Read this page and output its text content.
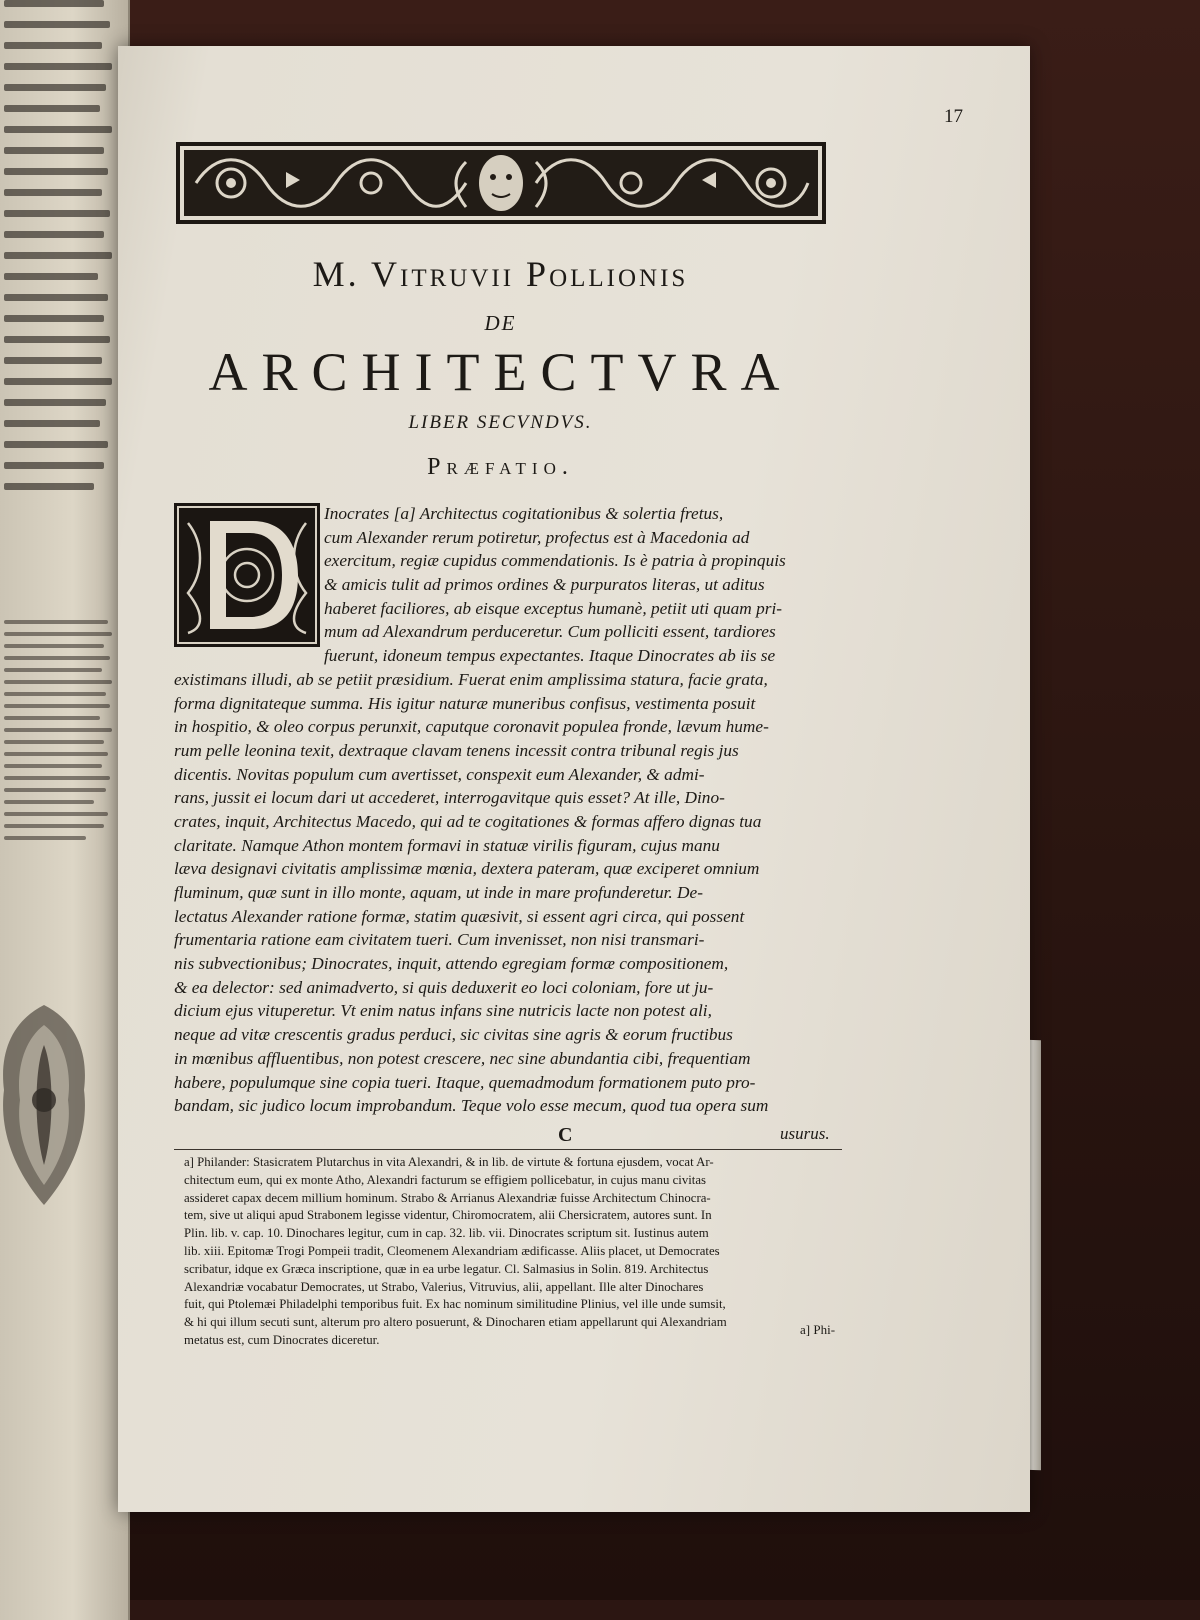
17
M. Vitruvii Pollionis
de
ARCHITECTVRA
LIBER SECVNDVS.
Præfatio.
Inocrates [a] Architectus cogitationibus & solertia fretus,
cum Alexander rerum potiretur, profectus est à Macedonia ad
exercitum, regiæ cupidus commendationis. Is è patria à propinquis
& amicis tulit ad primos ordines & purpuratos literas, ut aditus
haberet faciliores, ab eisque exceptus humanè, petiit uti quam pri-
mum ad Alexandrum perduceretur. Cum polliciti essent, tardiores
fuerunt, idoneum tempus expectantes. Itaque Dinocrates ab iis se
existimans illudi, ab se petiit præsidium. Fuerat enim amplissima statura, facie grata,
forma dignitateque summa. His igitur naturæ muneribus confisus, vestimenta posuit
in hospitio, & oleo corpus perunxit, caputque coronavit populea fronde, lævum hume-
rum pelle leonina texit, dextraque clavam tenens incessit contra tribunal regis jus
dicentis. Novitas populum cum avertisset, conspexit eum Alexander, & admi-
rans, jussit ei locum dari ut accederet, interrogavitque quis esset? At ille, Dino-
crates, inquit, Architectus Macedo, qui ad te cogitationes & formas affero dignas tua
claritate. Namque Athon montem formavi in statuæ virilis figuram, cujus manu
læva designavi civitatis amplissimæ mœnia, dextera pateram, quæ exciperet omnium
fluminum, quæ sunt in illo monte, aquam, ut inde in mare profunderetur. De-
lectatus Alexander ratione formæ, statim quæsivit, si essent agri circa, qui possent
frumentaria ratione eam civitatem tueri. Cum invenisset, non nisi transmari-
nis subvectionibus; Dinocrates, inquit, attendo egregiam formæ compositionem,
& ea delector: sed animadverto, si quis deduxerit eo loci coloniam, fore ut ju-
dicium ejus vituperetur. Vt enim natus infans sine nutricis lacte non potest ali,
neque ad vitæ crescentis gradus perduci, sic civitas sine agris & eorum fructibus
in mœnibus affluentibus, non potest crescere, nec sine abundantia cibi, frequentiam
habere, populumque sine copia tueri. Itaque, quemadmodum formationem puto pro-
bandam, sic judico locum improbandum. Teque volo esse mecum, quod tua opera sum
C	usurus.
a] Philander: Stasicratem Plutarchus in vita Alexandri, & in lib. de virtute & fortuna ejusdem, vocat Ar-
chitectum eum, qui ex monte Atho, Alexandri facturum se effigiem pollicebatur, in cujus manu civitas
assideret capax decem millium hominum. Strabo & Arrianus Alexandriæ fuisse Architectum Chinocra-
tem, sive ut aliqui apud Strabonem legisse videntur, Chiromocratem, alii Chersicratem, autores sunt. In
Plin. lib. v. cap. 10. Dinochares legitur, cum in cap. 32. lib. vii. Dinocrates scriptum sit. Iustinus autem
lib. xiii. Epitomæ Trogi Pompeii tradit, Cleomenem Alexandriam ædificasse. Aliis placet, ut Democrates
scribatur, idque ex Græca inscriptione, quæ in ea urbe legatur. Cl. Salmasius in Solin. 819. Architectus
Alexandriæ vocabatur Democrates, ut Strabo, Valerius, Vitruvius, alii, appellant. Ille alter Dinochares
fuit, qui Ptolemæi Philadelphi temporibus fuit. Ex hac nominum similitudine Plinius, vel ille unde sumsit,
& hi qui illum secuti sunt, alterum pro altero posuerunt, & Dinocharen etiam appellarunt qui Alexandriam
metatus est, cum Dinocrates diceretur.
a] Phi-
